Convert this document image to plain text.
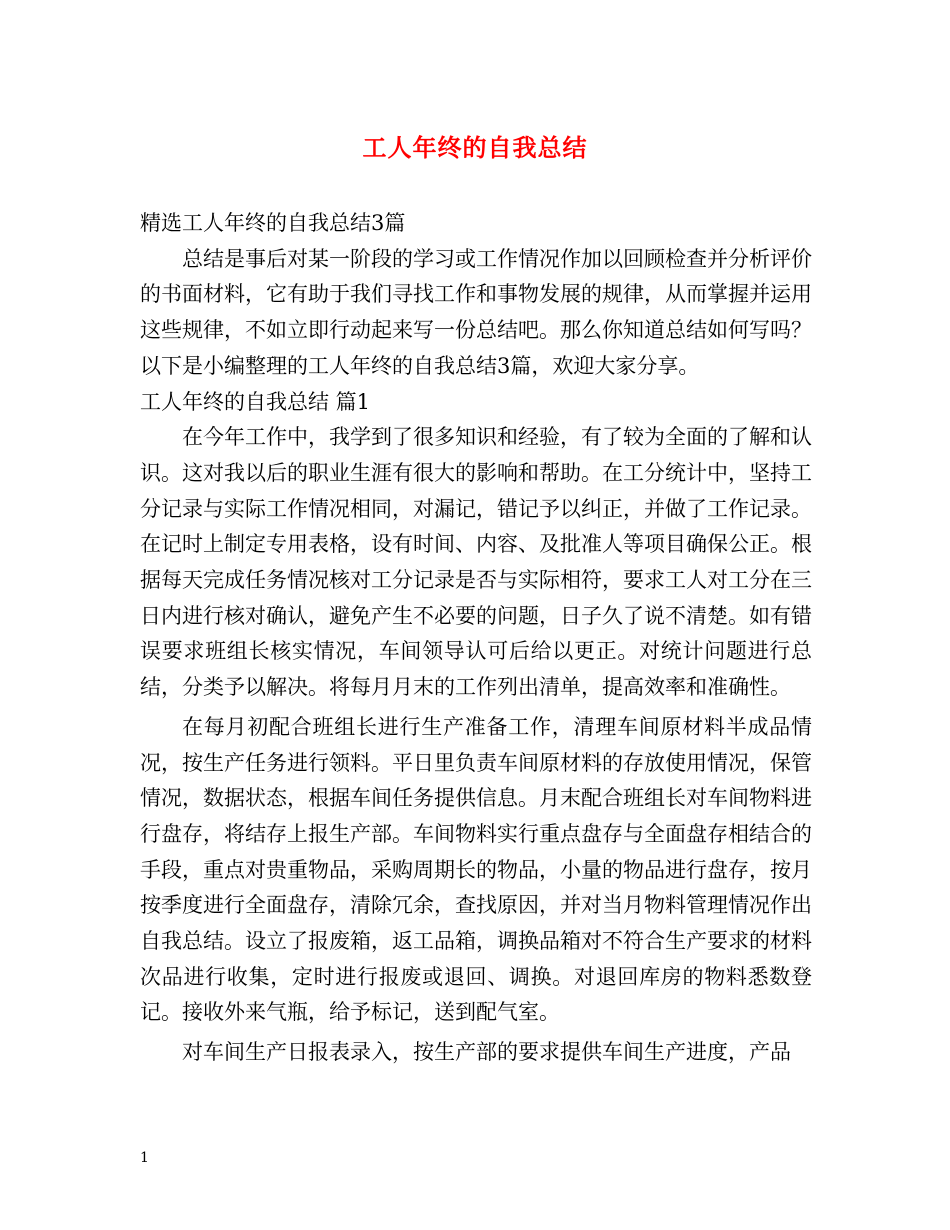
工人年终的自我总结

精选工人年终的自我总结3篇

总结是事后对某一阶段的学习或工作情况作加以回顾检查并分析评价的书面材料，它有助于我们寻找工作和事物发展的规律，从而掌握并运用这些规律，不如立即行动起来写一份总结吧。那么你知道总结如何写吗？以下是小编整理的工人年终的自我总结3篇，欢迎大家分享。

工人年终的自我总结 篇1

在今年工作中，我学到了很多知识和经验，有了较为全面的了解和认识。这对我以后的职业生涯有很大的影响和帮助。在工分统计中，坚持工分记录与实际工作情况相同，对漏记，错记予以纠正，并做了工作记录。在记时上制定专用表格，设有时间、内容、及批准人等项目确保公正。根据每天完成任务情况核对工分记录是否与实际相符，要求工人对工分在三日内进行核对确认，避免产生不必要的问题，日子久了说不清楚。如有错误要求班组长核实情况，车间领导认可后给以更正。对统计问题进行总结，分类予以解决。将每月月末的工作列出清单，提高效率和准确性。

在每月初配合班组长进行生产准备工作，清理车间原材料半成品情况，按生产任务进行领料。平日里负责车间原材料的存放使用情况，保管情况，数据状态，根据车间任务提供信息。月末配合班组长对车间物料进行盘存，将结存上报生产部。车间物料实行重点盘存与全面盘存相结合的手段，重点对贵重物品，采购周期长的物品，小量的物品进行盘存，按月按季度进行全面盘存，清除冗余，查找原因，并对当月物料管理情况作出自我总结。设立了报废箱，返工品箱，调换品箱对不符合生产要求的材料次品进行收集，定时进行报废或退回、调换。对退回库房的物料悉数登记。接收外来气瓶，给予标记，送到配气室。

对车间生产日报表录入，按生产部的要求提供车间生产进度，产品

1
